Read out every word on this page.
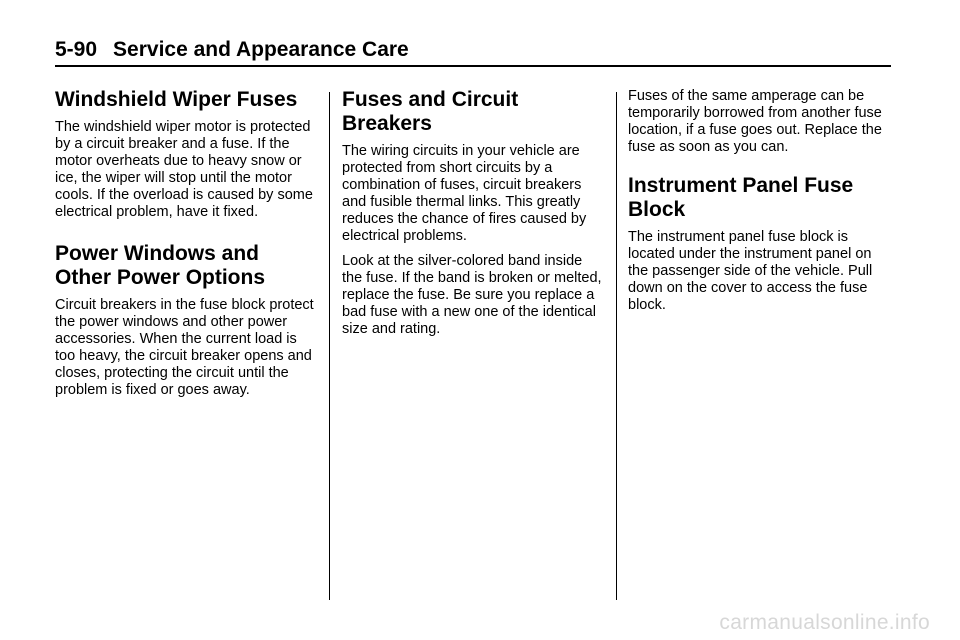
5-90 Service and Appearance Care
Windshield Wiper Fuses

The windshield wiper motor is protected by a circuit breaker and a fuse. If the motor overheats due to heavy snow or ice, the wiper will stop until the motor cools. If the overload is caused by some electrical problem, have it fixed.

Power Windows and Other Power Options

Circuit breakers in the fuse block protect the power windows and other power accessories. When the current load is too heavy, the circuit breaker opens and closes, protecting the circuit until the problem is fixed or goes away.

Fuses and Circuit Breakers

The wiring circuits in your vehicle are protected from short circuits by a combination of fuses, circuit breakers and fusible thermal links. This greatly reduces the chance of fires caused by electrical problems.

Look at the silver-colored band inside the fuse. If the band is broken or melted, replace the fuse. Be sure you replace a bad fuse with a new one of the identical size and rating.

Fuses of the same amperage can be temporarily borrowed from another fuse location, if a fuse goes out. Replace the fuse as soon as you can.

Instrument Panel Fuse Block

The instrument panel fuse block is located under the instrument panel on the passenger side of the vehicle. Pull down on the cover to access the fuse block.

carmanualsonline.info
